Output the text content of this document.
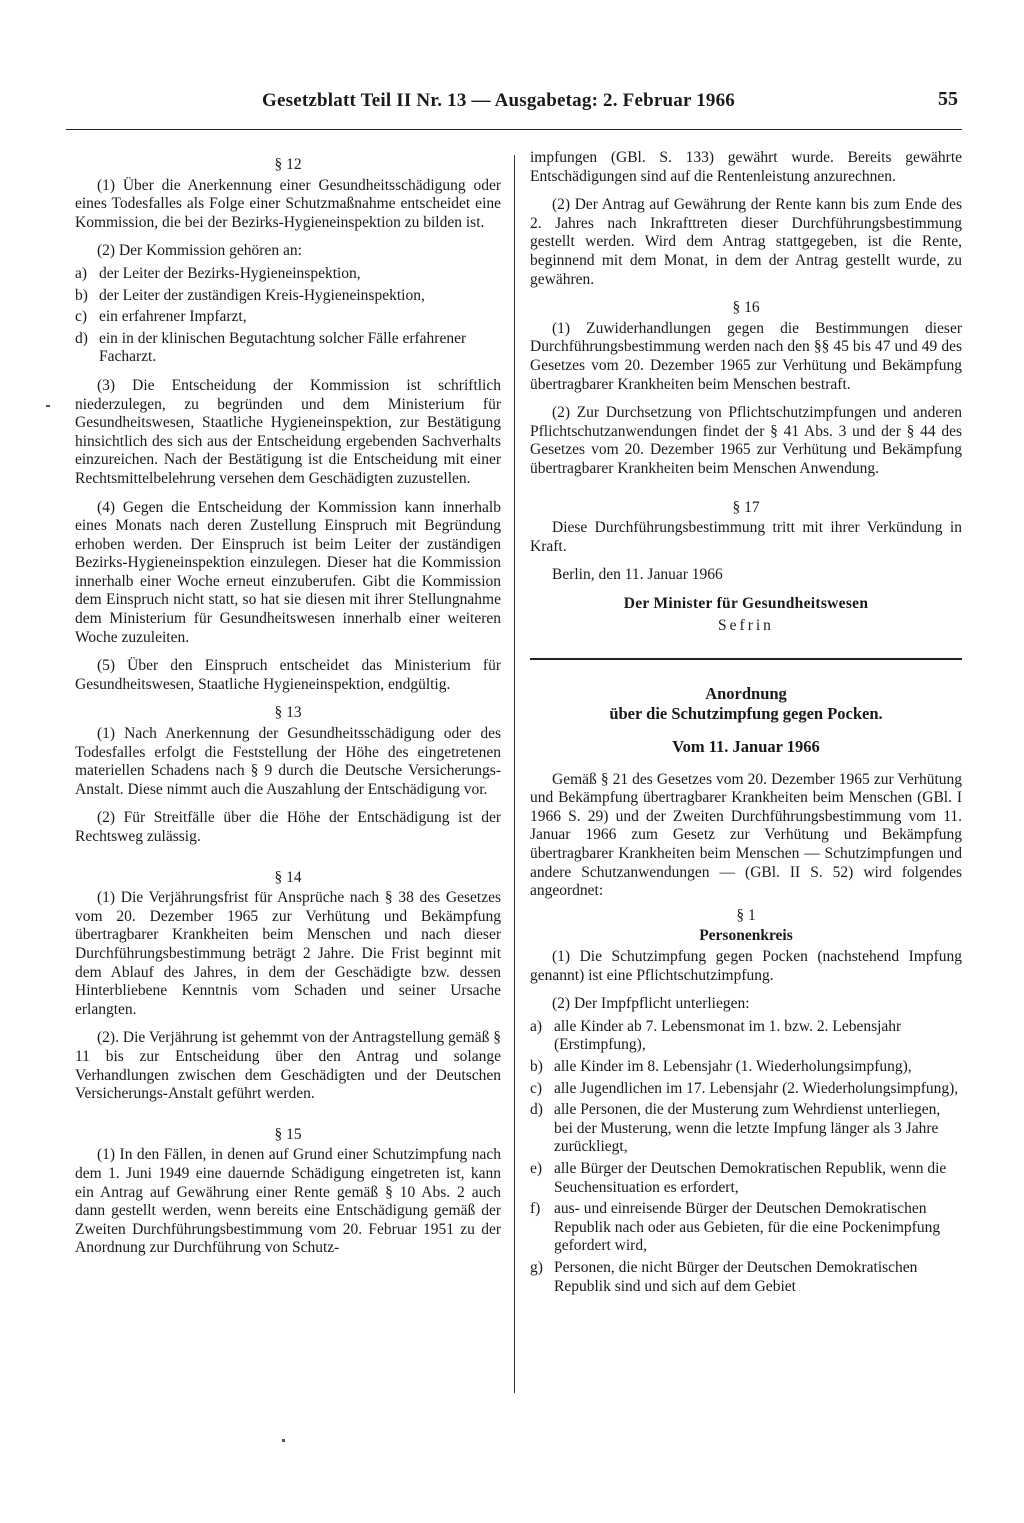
Gesetzblatt Teil II Nr. 13 — Ausgabetag: 2. Februar 1966	55
§ 12

(1) Über die Anerkennung einer Gesundheitsschädigung oder eines Todesfalles als Folge einer Schutzmaßnahme entscheidet eine Kommission, die bei der Bezirks-Hygieneinspektion zu bilden ist.

(2) Der Kommission gehören an:

a) der Leiter der Bezirks-Hygieneinspektion,
b) der Leiter der zuständigen Kreis-Hygieneinspektion,
c) ein erfahrener Impfarzt,
d) ein in der klinischen Begutachtung solcher Fälle erfahrener Facharzt.

(3) Die Entscheidung der Kommission ist schriftlich niederzulegen, zu begründen und dem Ministerium für Gesundheitswesen, Staatliche Hygieneinspektion, zur Bestätigung hinsichtlich des sich aus der Entscheidung ergebenden Sachverhalts einzureichen. Nach der Bestätigung ist die Entscheidung mit einer Rechtsmittelbelehrung versehen dem Geschädigten zuzustellen.

(4) Gegen die Entscheidung der Kommission kann innerhalb eines Monats nach deren Zustellung Einspruch mit Begründung erhoben werden. Der Einspruch ist beim Leiter der zuständigen Bezirks-Hygieneinspektion einzulegen. Dieser hat die Kommission innerhalb einer Woche erneut einzuberufen. Gibt die Kommission dem Einspruch nicht statt, so hat sie diesen mit ihrer Stellungnahme dem Ministerium für Gesundheitswesen innerhalb einer weiteren Woche zuzuleiten.

(5) Über den Einspruch entscheidet das Ministerium für Gesundheitswesen, Staatliche Hygieneinspektion, endgültig.

§ 13

(1) Nach Anerkennung der Gesundheitsschädigung oder des Todesfalles erfolgt die Feststellung der Höhe des eingetretenen materiellen Schadens nach § 9 durch die Deutsche Versicherungs-Anstalt. Diese nimmt auch die Auszahlung der Entschädigung vor.

(2) Für Streitfälle über die Höhe der Entschädigung ist der Rechtsweg zulässig.

§ 14

(1) Die Verjährungsfrist für Ansprüche nach § 38 des Gesetzes vom 20. Dezember 1965 zur Verhütung und Bekämpfung übertragbarer Krankheiten beim Menschen und nach dieser Durchführungsbestimmung beträgt 2 Jahre. Die Frist beginnt mit dem Ablauf des Jahres, in dem der Geschädigte bzw. dessen Hinterbliebene Kenntnis vom Schaden und seiner Ursache erlangten.

(2). Die Verjährung ist gehemmt von der Antragstellung gemäß § 11 bis zur Entscheidung über den Antrag und solange Verhandlungen zwischen dem Geschädigten und der Deutschen Versicherungs-Anstalt geführt werden.

§ 15

(1) In den Fällen, in denen auf Grund einer Schutzimpfung nach dem 1. Juni 1949 eine dauernde Schädigung eingetreten ist, kann ein Antrag auf Gewährung einer Rente gemäß § 10 Abs. 2 auch dann gestellt werden, wenn bereits eine Entschädigung gemäß der Zweiten Durchführungsbestimmung vom 20. Februar 1951 zu der Anordnung zur Durchführung von Schutz-

impfungen (GBl. S. 133) gewährt wurde. Bereits gewährte Entschädigungen sind auf die Rentenleistung anzurechnen.

(2) Der Antrag auf Gewährung der Rente kann bis zum Ende des 2. Jahres nach Inkrafttreten dieser Durchführungsbestimmung gestellt werden. Wird dem Antrag stattgegeben, ist die Rente, beginnend mit dem Monat, in dem der Antrag gestellt wurde, zu gewähren.

§ 16

(1) Zuwiderhandlungen gegen die Bestimmungen dieser Durchführungsbestimmung werden nach den §§ 45 bis 47 und 49 des Gesetzes vom 20. Dezember 1965 zur Verhütung und Bekämpfung übertragbarer Krankheiten beim Menschen bestraft.

(2) Zur Durchsetzung von Pflichtschutzimpfungen und anderen Pflichtschutzanwendungen findet der § 41 Abs. 3 und der § 44 des Gesetzes vom 20. Dezember 1965 zur Verhütung und Bekämpfung übertragbarer Krankheiten beim Menschen Anwendung.

§ 17

Diese Durchführungsbestimmung tritt mit ihrer Verkündung in Kraft.

Berlin, den 11. Januar 1966

Der Minister für Gesundheitswesen
Sefrin
Anordnung
über die Schutzimpfung gegen Pocken.
Vom 11. Januar 1966

Gemäß § 21 des Gesetzes vom 20. Dezember 1965 zur Verhütung und Bekämpfung übertragbarer Krankheiten beim Menschen (GBl. I 1966 S. 29) und der Zweiten Durchführungsbestimmung vom 11. Januar 1966 zum Gesetz zur Verhütung und Bekämpfung übertragbarer Krankheiten beim Menschen — Schutzimpfungen und andere Schutzanwendungen — (GBl. II S. 52) wird folgendes angeordnet:

§ 1
Personenkreis

(1) Die Schutzimpfung gegen Pocken (nachstehend Impfung genannt) ist eine Pflichtschutzimpfung.

(2) Der Impfpflicht unterliegen:

a) alle Kinder ab 7. Lebensmonat im 1. bzw. 2. Lebensjahr (Erstimpfung),
b) alle Kinder im 8. Lebensjahr (1. Wiederholungsimpfung),
c) alle Jugendlichen im 17. Lebensjahr (2. Wiederholungsimpfung),
d) alle Personen, die der Musterung zum Wehrdienst unterliegen, bei der Musterung, wenn die letzte Impfung länger als 3 Jahre zurückliegt,
e) alle Bürger der Deutschen Demokratischen Republik, wenn die Seuchensituation es erfordert,
f) aus- und einreisende Bürger der Deutschen Demokratischen Republik nach oder aus Gebieten, für die eine Pockenimpfung gefordert wird,
g) Personen, die nicht Bürger der Deutschen Demokratischen Republik sind und sich auf dem Gebiet
